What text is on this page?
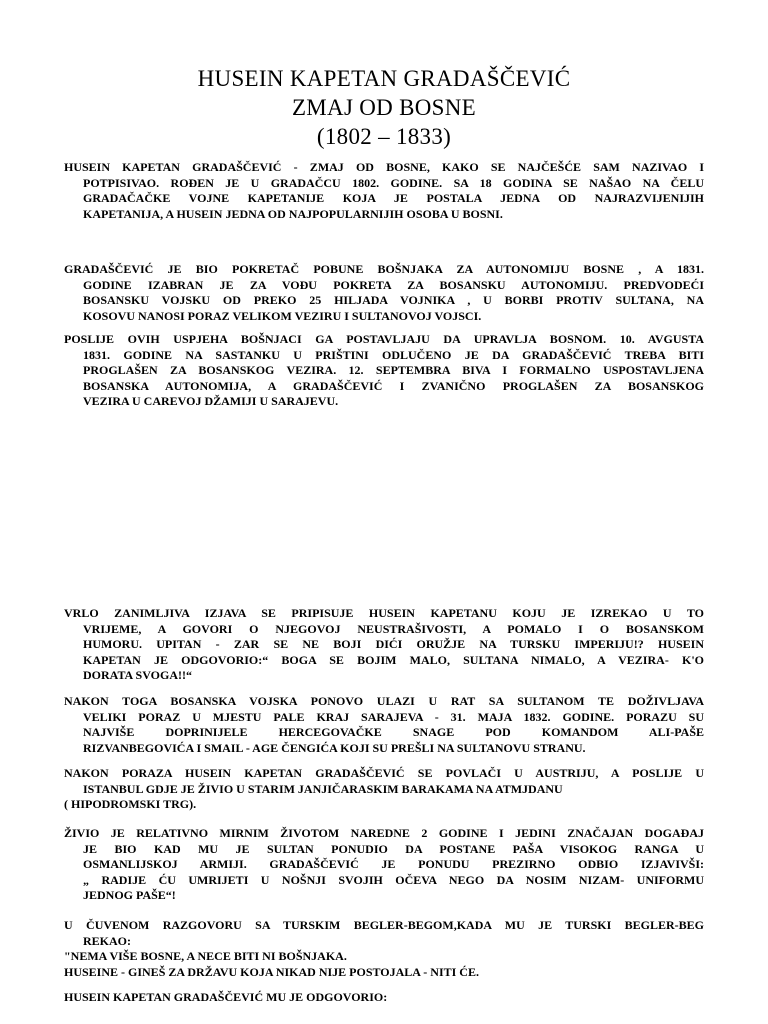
HUSEIN KAPETAN GRADAŠČEVIĆ
ZMAJ OD BOSNE
(1802 – 1833)
HUSEIN KAPETAN GRADAŠČEVIĆ - ZMAJ OD BOSNE, KAKO SE NAJČEŠĆE SAM NAZIVAO I
POTPISIVAO. ROĐEN JE U GRADAČCU 1802. GODINE. SA 18 GODINA SE NAŠAO NA ČELU
GRADAČAČKE VOJNE KAPETANIJE KOJA JE POSTALA JEDNA OD NAJRAZVIJENIJIH
KAPETANIJA, A HUSEIN JEDNA OD NAJPOPULARNIJIH OSOBA U BOSNI.
GRADAŠČEVIĆ JE BIO POKRETAČ POBUNE BOŠNJAKA ZA AUTONOMIJU BOSNE , A 1831.
GODINE IZABRAN JE ZA VOĐU POKRETA ZA BOSANSKU AUTONOMIJU. PREDVODEĆI
BOSANSKU VOJSKU OD PREKO 25 HILJADA VOJNIKA , U BORBI PROTIV SULTANA, NA
KOSOVU NANOSI PORAZ VELIKOM VEZIRU I SULTANOVOJ VOJSCI.
POSLIJE OVIH USPJEHA BOŠNJACI GA POSTAVLJAJU DA UPRAVLJA BOSNOM. 10. AVGUSTA
1831. GODINE NA SASTANKU U PRIŠTINI ODLUČENO JE DA GRADAŠČEVIĆ TREBA BITI
PROGLAŠEN ZA BOSANSKOG VEZIRA. 12. SEPTEMBRA BIVA I FORMALNO USPOSTAVLJENA
BOSANSKA AUTONOMIJA, A GRADAŠČEVIĆ I ZVANIČNO PROGLAŠEN ZA BOSANSKOG
VEZIRA U CAREVOJ DŽAMIJI U SARAJEVU.
VRLO ZANIMLJIVA IZJAVA SE PRIPISUJE HUSEIN KAPETANU KOJU JE IZREKAO U TO
VRIJEME, A GOVORI O NJEGOVOJ NEUSTRAŠIVOSTI, A POMALO I O BOSANSKOM
HUMORU. UPITAN - ZAR SE NE BOJI DIĆI ORUŽJE NA TURSKU IMPERIJU!? HUSEIN
KAPETAN JE ODGOVORIO:“ BOGA SE BOJIM MALO, SULTANA NIMALO, A VEZIRA- K'O
DORATA SVOGA!!“
NAKON TOGA BOSANSKA VOJSKA PONOVO ULAZI U RAT SA SULTANOM TE DOŽIVLJAVA
VELIKI PORAZ U MJESTU PALE KRAJ SARAJEVA - 31. MAJA 1832. GODINE. PORAZU SU
NAJVIŠE DOPRINIJELE HERCEGOVAČKE SNAGE POD KOMANDOM ALI-PAŠE
RIZVANBEGOVIĆA I SMAIL - AGE ČENGIĆA KOJI SU PREŠLI NA SULTANOVU STRANU.
NAKON PORAZA HUSEIN KAPETAN GRADAŠČEVIĆ SE POVLAČI U AUSTRIJU, A POSLIJE U
ISTANBUL GDJE JE ŽIVIO U STARIM JANJIČARASKIM BARAKAMA NA ATMJDANU
( HIPODROMSKI TRG).
ŽIVIO JE RELATIVNO MIRNIM ŽIVOTOM NAREDNE 2 GODINE I JEDINI ZNAČAJAN DOGAĐAJ
JE BIO KAD MU JE SULTAN PONUDIO DA POSTANE PAŠA VISOKOG RANGA U
OSMANLIJSKOJ ARMIJI. GRADAŠČEVIĆ JE PONUDU PREZIRNO ODBIO IZJAVIVŠI:
„ RADIJE ĆU UMRIJETI U NOŠNJI SVOJIH OČEVA NEGO DA NOSIM NIZAM- UNIFORMU
JEDNOG PAŠE“!
U ČUVENOM RAZGOVORU SA TURSKIM BEGLER-BEGOM,KADA MU JE TURSKI BEGLER-BEG
REKAO:
"NEMA VIŠE BOSNE, A NECE BITI NI BOŠNJAKA.
HUSEINE - GINEŠ ZA DRŽAVU KOJA NIKAD NIJE POSTOJALA - NITI ĆE.
HUSEIN KAPETAN GRADAŠČEVIĆ MU JE ODGOVORIO:
